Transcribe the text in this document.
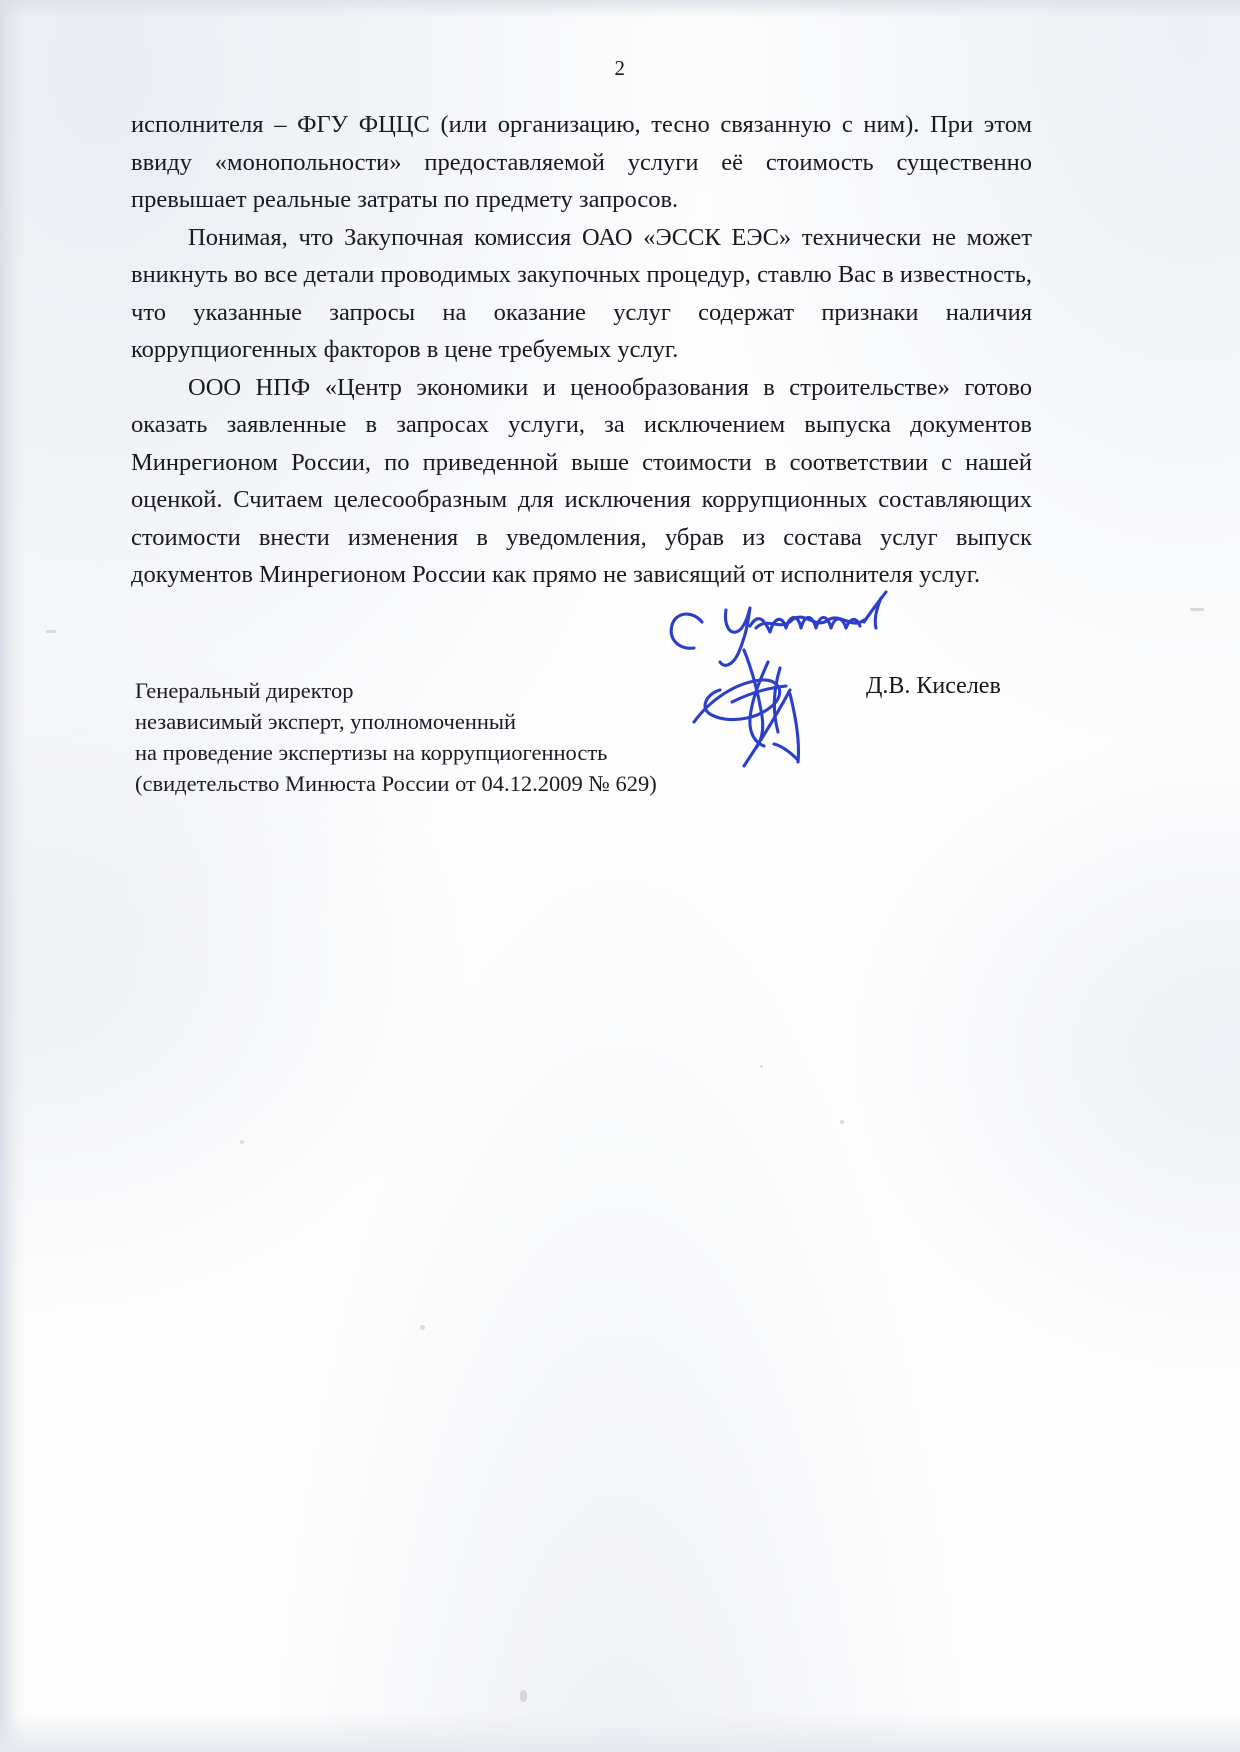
2

исполнителя – ФГУ ФЦЦС (или организацию, тесно связанную с ним). При этом ввиду «монопольности» предоставляемой услуги её стоимость существенно превышает реальные затраты по предмету запросов.

Понимая, что Закупочная комиссия ОАО «ЭССК ЕЭС» технически не может вникнуть во все детали проводимых закупочных процедур, ставлю Вас в известность, что указанные запросы на оказание услуг содержат признаки наличия коррупциогенных факторов в цене требуемых услуг.

ООО НПФ «Центр экономики и ценообразования в строительстве» готово оказать заявленные в запросах услуги, за исключением выпуска документов Минрегионом России, по приведенной выше стоимости в соответствии с нашей оценкой. Считаем целесообразным для исключения коррупционных составляющих стоимости внести изменения в уведомления, убрав из состава услуг выпуск документов Минрегионом России как прямо не зависящий от исполнителя услуг.

Генеральный директор
независимый эксперт, уполномоченный
на проведение экспертизы на коррупциогенность
(свидетельство Минюста России от 04.12.2009 № 629)
Д.В. Киселев
